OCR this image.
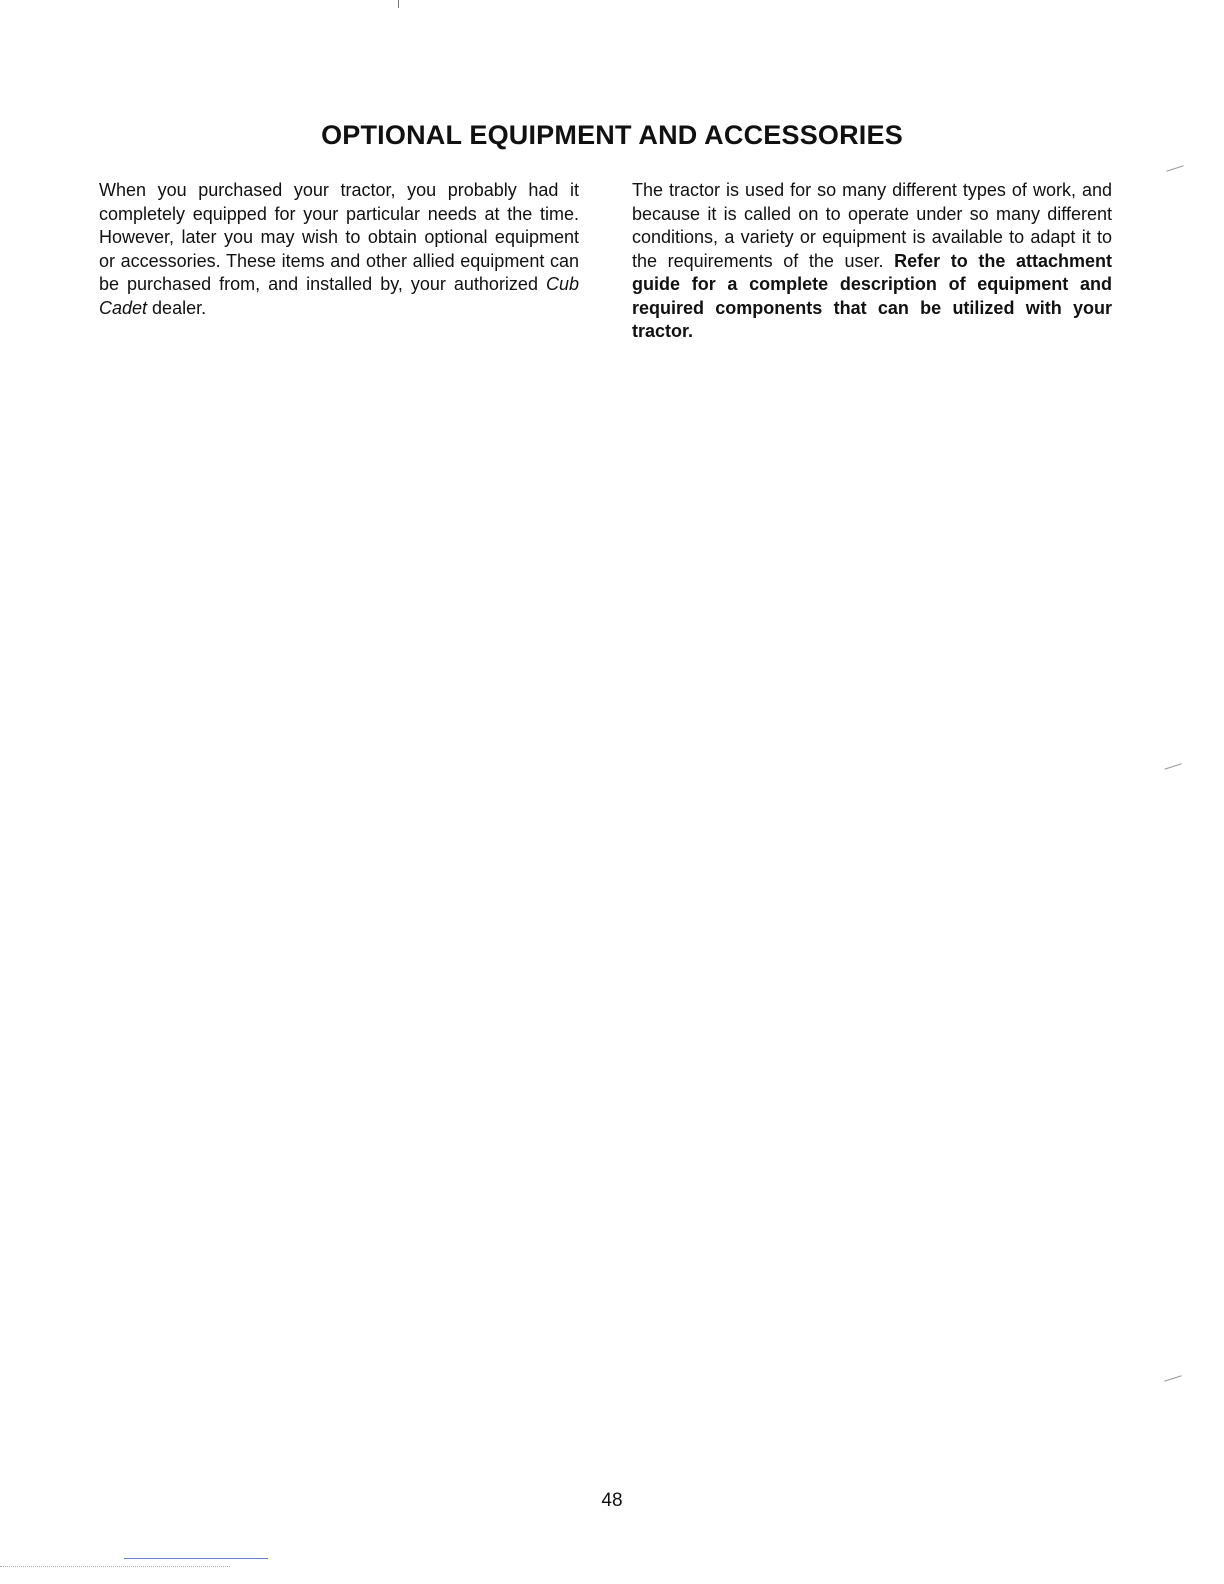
OPTIONAL EQUIPMENT AND ACCESSORIES

When you purchased your tractor, you probably had it completely equipped for your particular needs at the time. However, later you may wish to obtain optional equipment or accessories. These items and other allied equipment can be purchased from, and installed by, your authorized Cub Cadet dealer.

The tractor is used for so many different types of work, and because it is called on to operate under so many different conditions, a variety or equipment is available to adapt it to the requirements of the user. Refer to the attachment guide for a complete description of equipment and required components that can be utilized with your tractor.

48
